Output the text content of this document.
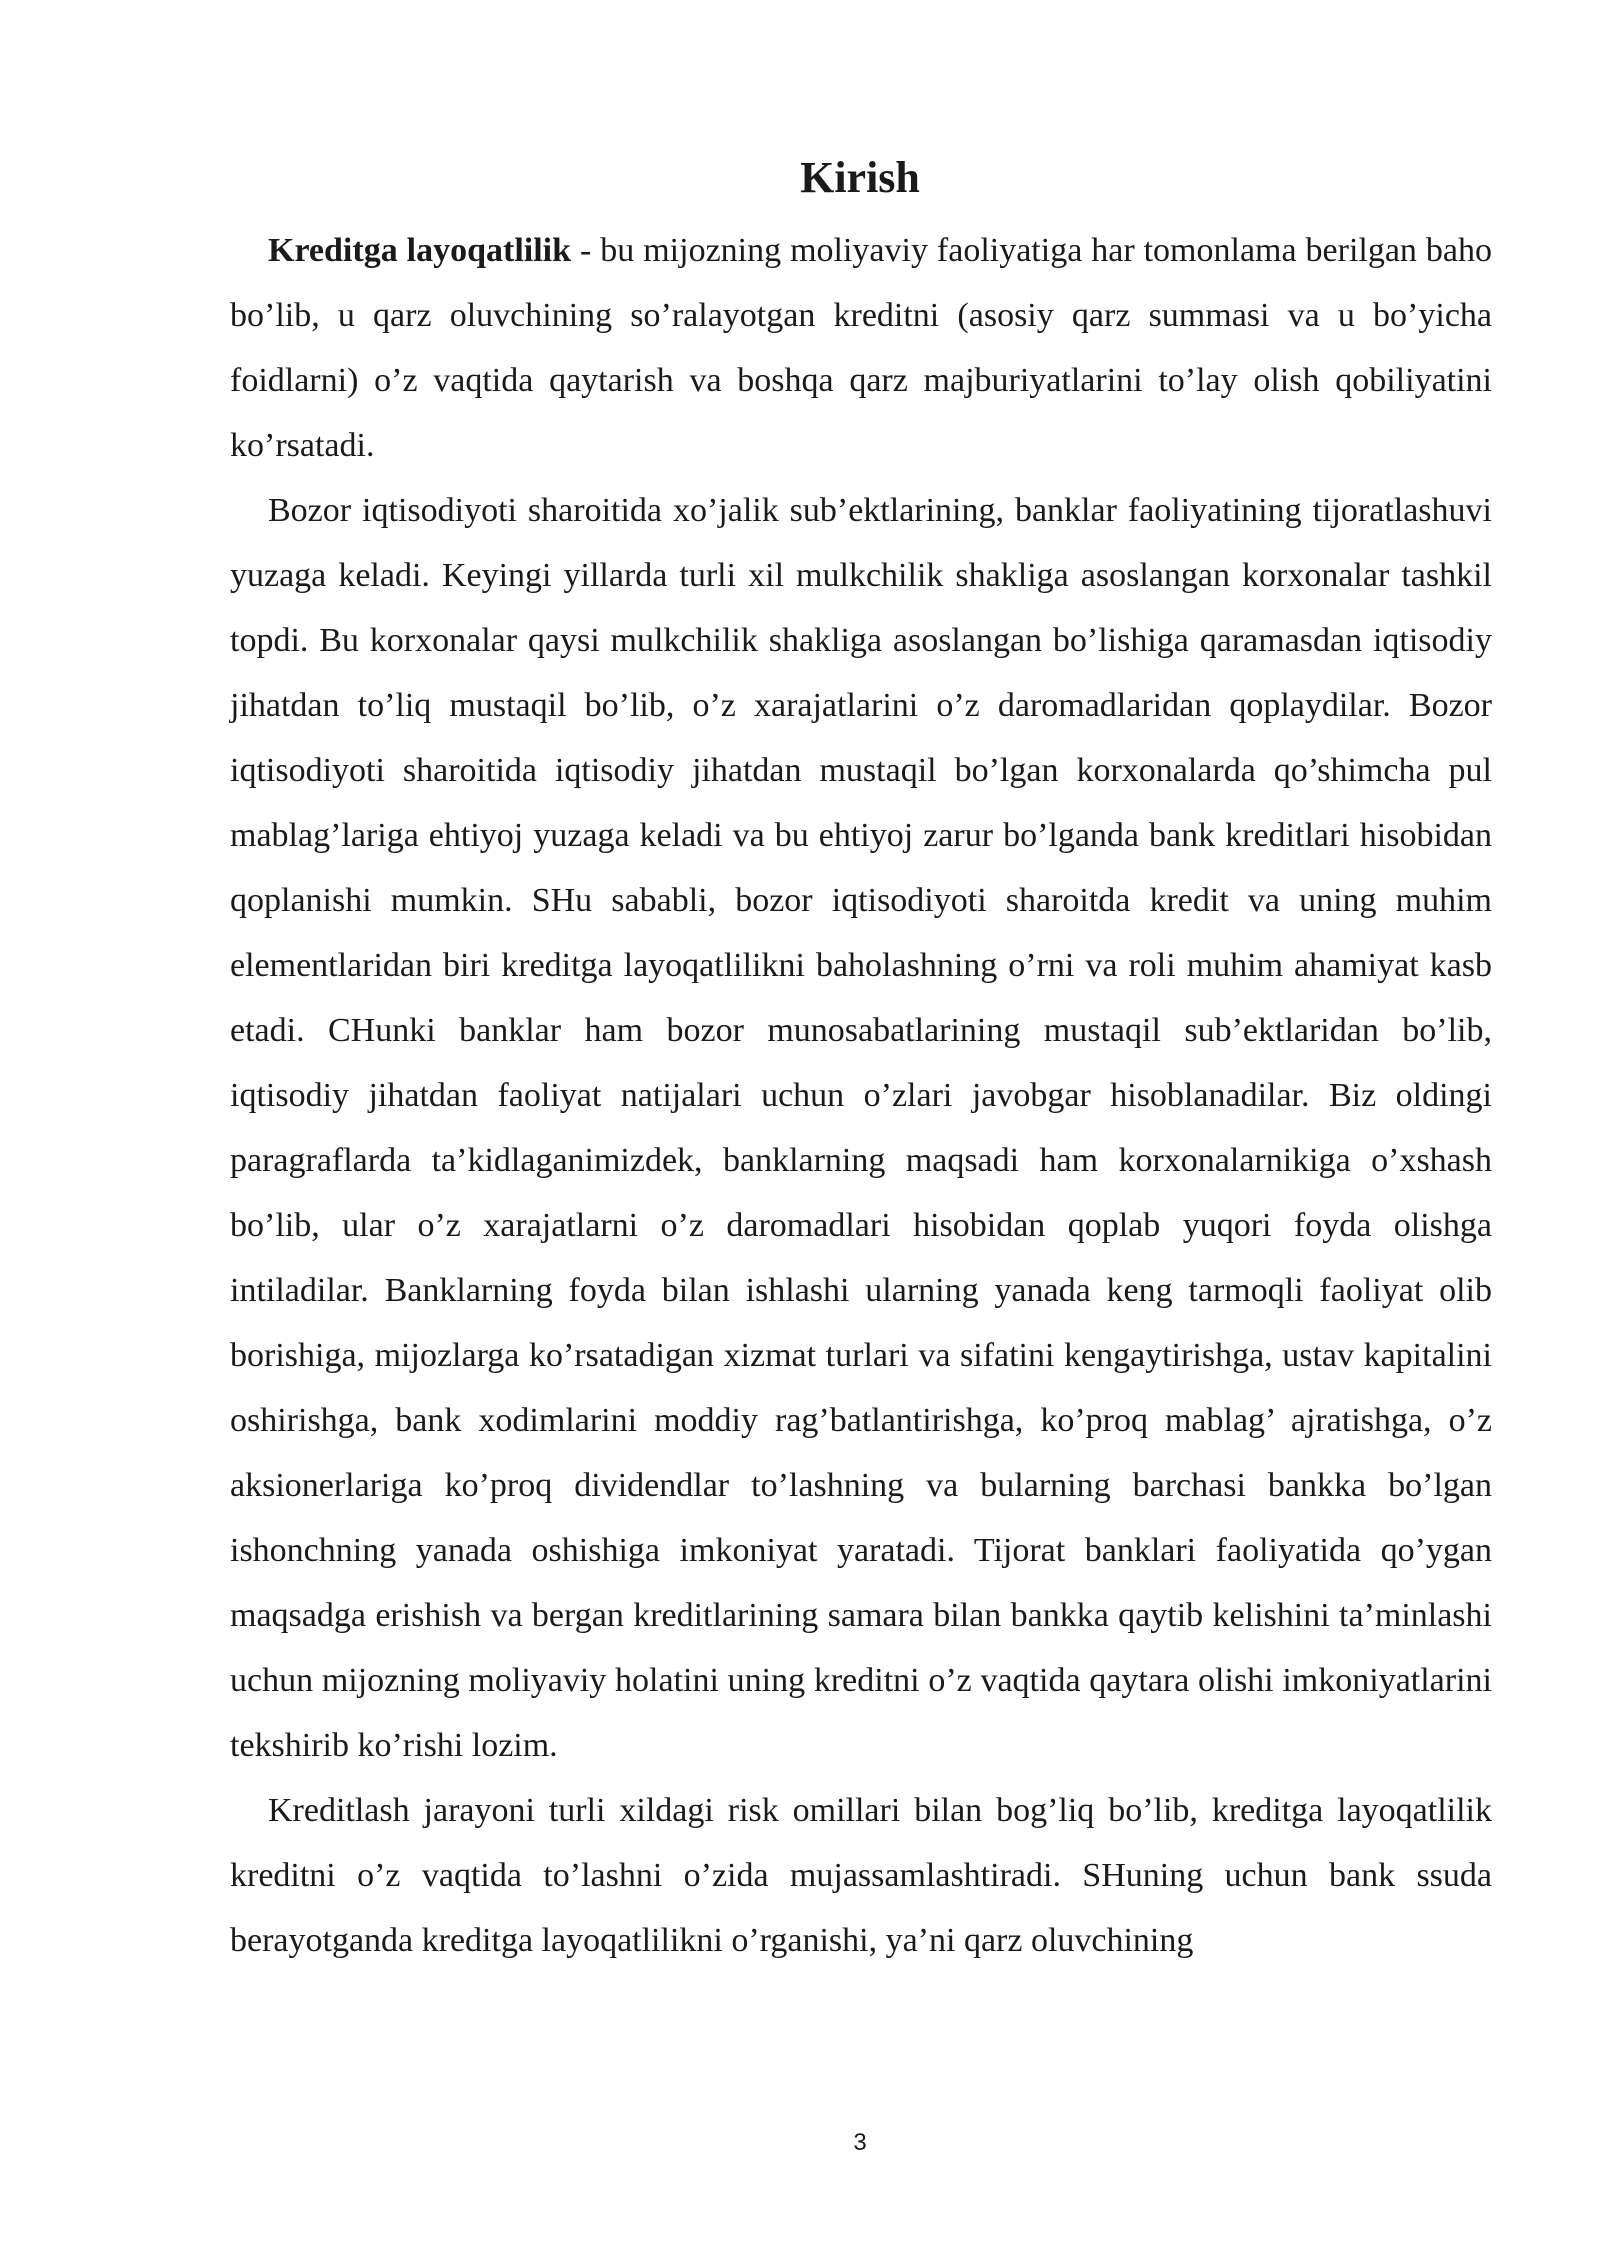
Kirish

Kreditga layoqatlilik - bu mijozning moliyaviy faoliyatiga har tomonlama berilgan baho bo’lib, u qarz oluvchining so’ralayotgan kreditni (asosiy qarz summasi va u bo’yicha foidlarni) o’z vaqtida qaytarish va boshqa qarz majburiyatlarini to’lay olish qobiliyatini ko’rsatadi.

Bozor iqtisodiyoti sharoitida xo’jalik sub’ektlarining, banklar faoliyatining tijoratlashuvi yuzaga keladi. Keyingi yillarda turli xil mulkchilik shakliga asoslangan korxonalar tashkil topdi. Bu korxonalar qaysi mulkchilik shakliga asoslangan bo’lishiga qaramasdan iqtisodiy jihatdan to’liq mustaqil bo’lib, o’z xarajatlarini o’z daromadlaridan qoplaydilar. Bozor iqtisodiyoti sharoitida iqtisodiy jihatdan mustaqil bo’lgan korxonalarda qo’shimcha pul mablag’lariga ehtiyoj yuzaga keladi va bu ehtiyoj zarur bo’lganda bank kreditlari hisobidan qoplanishi mumkin. SHu sababli, bozor iqtisodiyoti sharoitda kredit va uning muhim elementlaridan biri kreditga layoqatlilikni baholashning o’rni va roli muhim ahamiyat kasb etadi. CHunki banklar ham bozor munosabatlarining mustaqil sub’ektlaridan bo’lib, iqtisodiy jihatdan faoliyat natijalari uchun o’zlari javobgar hisoblanadilar. Biz oldingi paragraflarda ta’kidlaganimizdek, banklarning maqsadi ham korxonalarnikiga o’xshash bo’lib, ular o’z xarajatlarni o’z daromadlari hisobidan qoplab yuqori foyda olishga intiladilar. Banklarning foyda bilan ishlashi ularning yanada keng tarmoqli faoliyat olib borishiga, mijozlarga ko’rsatadigan xizmat turlari va sifatini kengaytirishga, ustav kapitalini oshirishga, bank xodimlarini moddiy rag’batlantirishga, ko’proq mablag’ ajratishga, o’z aksionerlariga ko’proq dividendlar to’lashning va bularning barchasi bankka bo’lgan ishonchning yanada oshishiga imkoniyat yaratadi. Tijorat banklari faoliyatida qo’ygan maqsadga erishish va bergan kreditlarining samara bilan bankka qaytib kelishini ta’minlashi uchun mijozning moliyaviy holatini uning kreditni o’z vaqtida qaytara olishi imkoniyatlarini tekshirib ko’rishi lozim.

Kreditlash jarayoni turli xildagi risk omillari bilan bog’liq bo’lib, kreditga layoqatlilik kreditni o’z vaqtida to’lashni o’zida mujassamlashtiradi. SHuning uchun bank ssuda berayotganda kreditga layoqatlilikni o’rganishi, ya’ni qarz oluvchining

3
